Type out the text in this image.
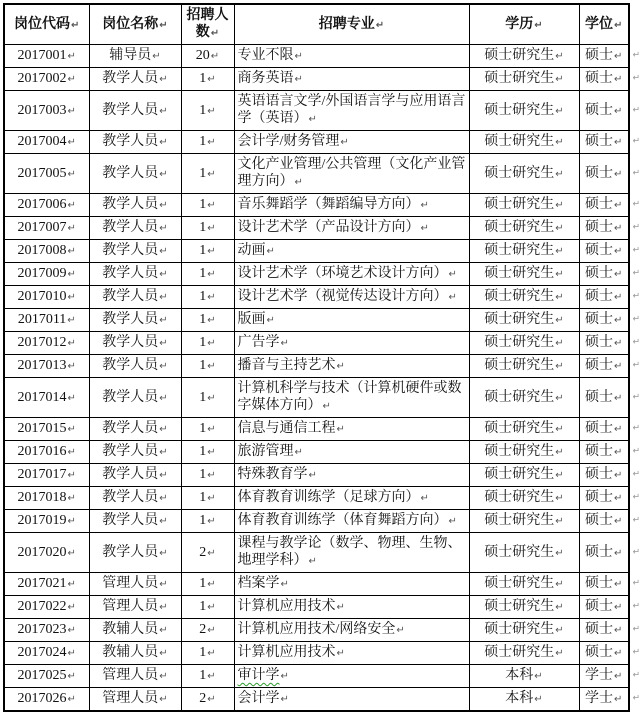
岗位代码↵	岗位名称↵	招聘人数↵	招聘专业↵	学历↵	学位↵
2017001↵	辅导员↵	20↵	专业不限↵	硕士研究生↵	硕士↵ ↵

2017002↵	教学人员↵	1↵	商务英语↵	硕士研究生↵	硕士↵ ↵

2017003↵	教学人员↵	1↵	英语语言文学/外国语言学与应用语言学（英语）↵	硕士研究生↵	硕士↵ ↵

2017004↵	教学人员↵	1↵	会计学/财务管理↵	硕士研究生↵	硕士↵ ↵

2017005↵	教学人员↵	1↵	文化产业管理/公共管理（文化产业管理方向）↵	硕士研究生↵	硕士↵ ↵

2017006↵	教学人员↵	1↵	音乐舞蹈学（舞蹈编导方向）↵	硕士研究生↵	硕士↵ ↵

2017007↵	教学人员↵	1↵	设计艺术学（产品设计方向）↵	硕士研究生↵	硕士↵ ↵

2017008↵	教学人员↵	1↵	动画↵	硕士研究生↵	硕士↵ ↵

2017009↵	教学人员↵	1↵	设计艺术学（环境艺术设计方向）↵	硕士研究生↵	硕士↵ ↵

2017010↵	教学人员↵	1↵	设计艺术学（视觉传达设计方向）↵	硕士研究生↵	硕士↵ ↵

2017011↵	教学人员↵	1↵	版画↵	硕士研究生↵	硕士↵ ↵

2017012↵	教学人员↵	1↵	广告学↵	硕士研究生↵	硕士↵ ↵

2017013↵	教学人员↵	1↵	播音与主持艺术↵	硕士研究生↵	硕士↵ ↵

2017014↵	教学人员↵	1↵	计算机科学与技术（计算机硬件或数字媒体方向）↵	硕士研究生↵	硕士↵ ↵

2017015↵	教学人员↵	1↵	信息与通信工程↵	硕士研究生↵	硕士↵ ↵

2017016↵	教学人员↵	1↵	旅游管理↵	硕士研究生↵	硕士↵ ↵

2017017↵	教学人员↵	1↵	特殊教育学↵	硕士研究生↵	硕士↵ ↵

2017018↵	教学人员↵	1↵	体育教育训练学（足球方向）↵	硕士研究生↵	硕士↵ ↵

2017019↵	教学人员↵	1↵	体育教育训练学（体育舞蹈方向）↵	硕士研究生↵	硕士↵ ↵

2017020↵	教学人员↵	2↵	课程与教学论（数学、物理、生物、地理学科）↵	硕士研究生↵	硕士↵ ↵

2017021↵	管理人员↵	1↵	档案学↵	硕士研究生↵	硕士↵ ↵

2017022↵	管理人员↵	1↵	计算机应用技术↵	硕士研究生↵	硕士↵ ↵

2017023↵	教辅人员↵	2↵	计算机应用技术/网络安全↵	硕士研究生↵	硕士↵ ↵

2017024↵	教辅人员↵	1↵	计算机应用技术↵	硕士研究生↵	硕士↵ ↵

2017025↵	管理人员↵	1↵	审计学↵	本科↵	学士↵ ↵

2017026↵	管理人员↵	2↵	会计学↵	本科↵	学士↵ ↵
